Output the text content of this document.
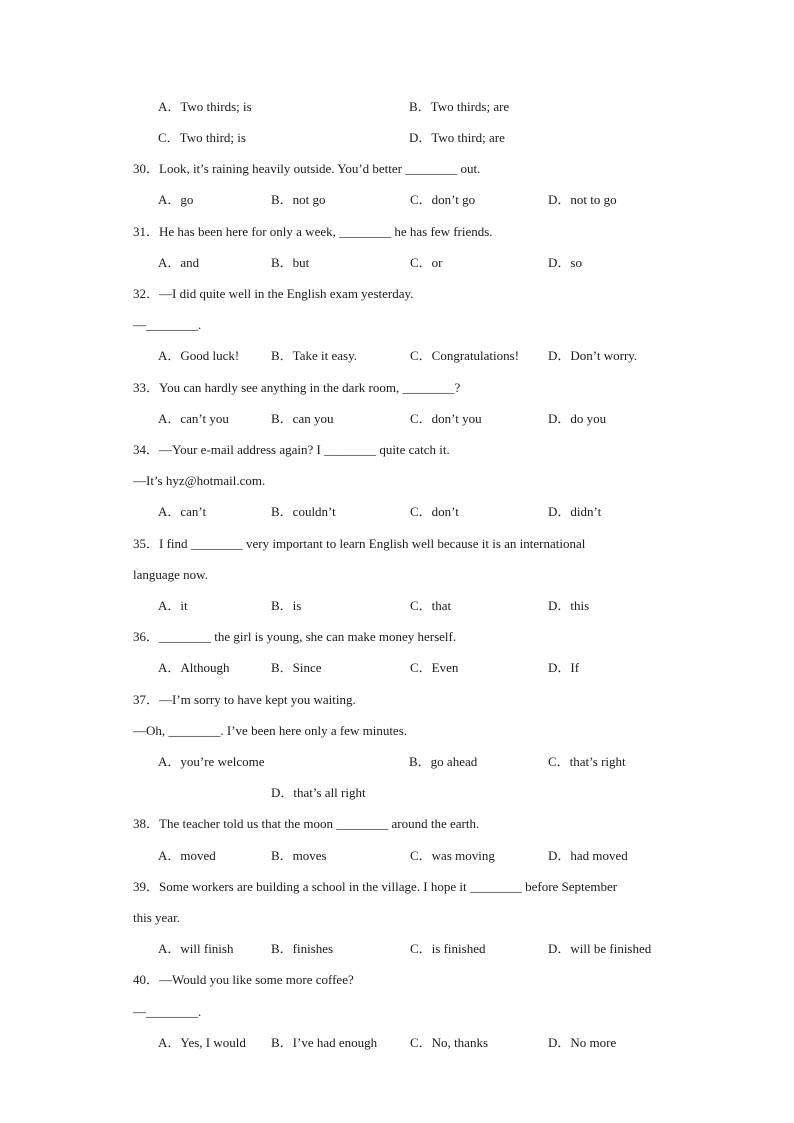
A．Two thirds; is	B．Two thirds; are
C．Two third; is	D．Two third; are
30．Look, it’s raining heavily outside. You’d better ________ out.
A．go	B．not go	C．don’t go	D．not to go
31．He has been here for only a week, ________ he has few friends.
A．and	B．but	C．or	D．so
32．—I did quite well in the English exam yesterday.
—________.
A．Good luck! B．Take it easy.	C．Congratulations! D．Don’t worry.
33．You can hardly see anything in the dark room, ________?
A．can’t you	B．can you	C．don’t you	D．do you
34．—Your e-mail address again? I ________ quite catch it.
—It’s hyz@hotmail.com.
A．can’t	B．couldn’t	C．don’t	D．didn’t
35．I find ________ very important to learn English well because it is an international
language now.
A．it	B．is	C．that	D．this
36．________ the girl is young, she can make money herself.
A．Although	B．Since	C．Even	D．If
37．—I’m sorry to have kept you waiting.
—Oh, ________. I’ve been here only a few minutes.
A．you’re welcome	B．go ahead	C．that’s right
D．that’s all right
38．The teacher told us that the moon ________ around the earth.
A．moved	B．moves	C．was moving	D．had moved
39．Some workers are building a school in the village. I hope it ________ before September
this year.
A．will finish	B．finishes	C．is finished	D．will be finished
40．—Would you like some more coffee?
—________.
A．Yes, I would B．I’ve had enough	C．No, thanks	D．No more
